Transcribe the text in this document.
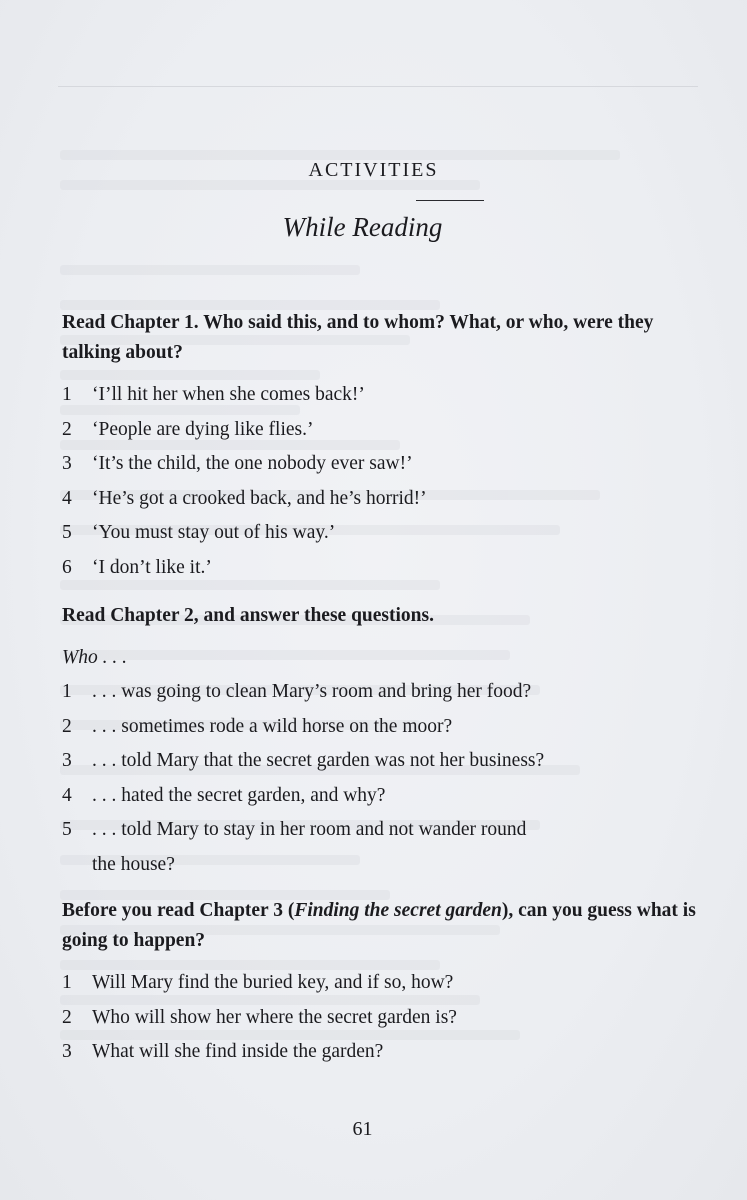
ACTIVITIES
While Reading

Read Chapter 1. Who said this, and to whom? What, or who, were they talking about?

1 ‘I’ll hit her when she comes back!’
2 ‘People are dying like flies.’
3 ‘It’s the child, the one nobody ever saw!’
4 ‘He’s got a crooked back, and he’s horrid!’
5 ‘You must stay out of his way.’
6 ‘I don’t like it.’

Read Chapter 2, and answer these questions.

Who . . .

1 . . . was going to clean Mary’s room and bring her food?
2 . . . sometimes rode a wild horse on the moor?
3 . . . told Mary that the secret garden was not her business?
4 . . . hated the secret garden, and why?
5 . . . told Mary to stay in her room and not wander round
the house?

Before you read Chapter 3 (Finding the secret garden), can you guess what is going to happen?

1 Will Mary find the buried key, and if so, how?
2 Who will show her where the secret garden is?
3 What will she find inside the garden?
61
